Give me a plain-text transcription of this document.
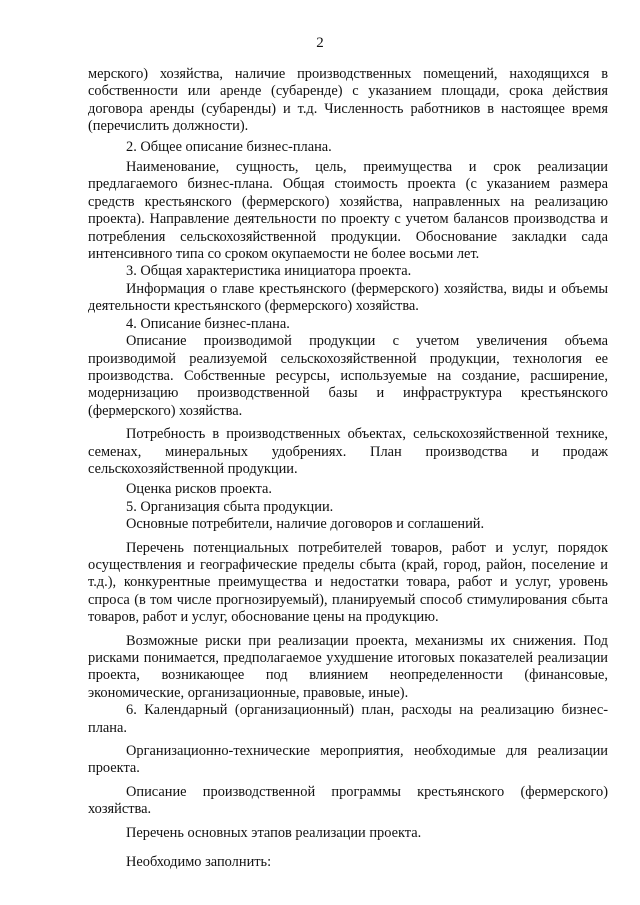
2

мерского) хозяйства, наличие производственных помещений, находящихся в собственности или аренде (субаренде) с указанием площади, срока действия договора аренды (субаренды) и т.д. Численность работников в настоящее время (перечислить должности).

2. Общее описание бизнес-плана.

Наименование, сущность, цель, преимущества и срок реализации предлагаемого бизнес-плана. Общая стоимость проекта (с указанием размера средств крестьянского (фермерского) хозяйства, направленных на реализацию проекта). Направление деятельности по проекту с учетом балансов производства и потребления сельскохозяйственной продукции. Обоснование закладки сада интенсивного типа со сроком окупаемости не более восьми лет.

3. Общая характеристика инициатора проекта.

Информация о главе крестьянского (фермерского) хозяйства, виды и объемы деятельности крестьянского (фермерского) хозяйства.

4. Описание бизнес-плана.

Описание производимой продукции с учетом увеличения объема производимой реализуемой сельскохозяйственной продукции, технология ее производства. Собственные ресурсы, используемые на создание, расширение, модернизацию производственной базы и инфраструктура крестьянского (фермерского) хозяйства.

Потребность в производственных объектах, сельскохозяйственной технике, семенах, минеральных удобрениях. План производства и продаж сельскохозяйственной продукции.

Оценка рисков проекта.

5. Организация сбыта продукции.

Основные потребители, наличие договоров и соглашений.

Перечень потенциальных потребителей товаров, работ и услуг, порядок осуществления и географические пределы сбыта (край, город, район, поселение и т.д.), конкурентные преимущества и недостатки товара, работ и услуг, уровень спроса (в том числе прогнозируемый), планируемый способ стимулирования сбыта товаров, работ и услуг, обоснование цены на продукцию.

Возможные риски при реализации проекта, механизмы их снижения. Под рисками понимается, предполагаемое ухудшение итоговых показателей реализации проекта, возникающее под влиянием неопределенности (финансовые, экономические, организационные, правовые, иные).

6. Календарный (организационный) план, расходы на реализацию бизнес-плана.

Организационно-технические мероприятия, необходимые для реализации проекта.

Описание производственной программы крестьянского (фермерского) хозяйства.

Перечень основных этапов реализации проекта.

Необходимо заполнить:
